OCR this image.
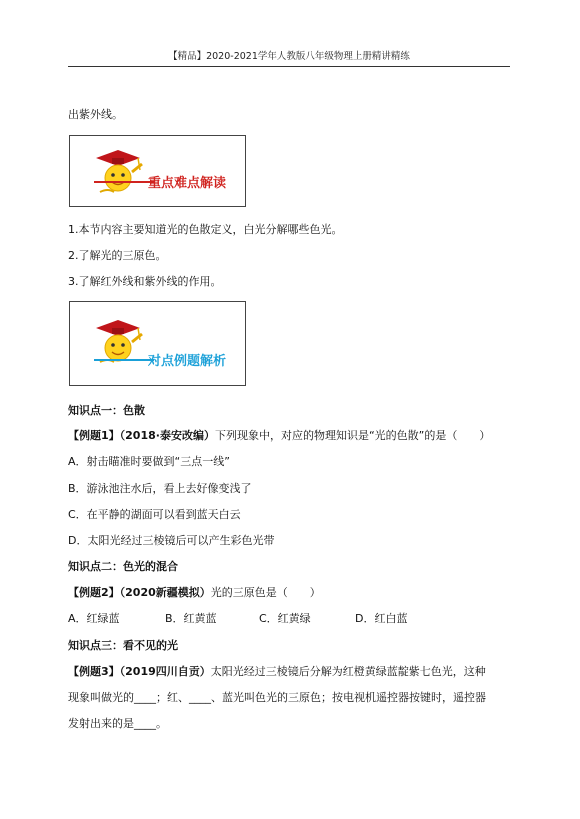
【精品】2020-2021学年人教版八年级物理上册精讲精练
出紫外线。
重点难点解读
1.本节内容主要知道光的色散定义，白光分解哪些色光。
2.了解光的三原色。
3.了解红外线和紫外线的作用。
对点例题解析
知识点一：色散
【例题1】（2018·泰安改编）下列现象中，对应的物理知识是“光的色散”的是（　　）
A．射击瞄准时要做到“三点一线”
B．游泳池注水后，看上去好像变浅了
C．在平静的湖面可以看到蓝天白云
D．太阳光经过三棱镜后可以产生彩色光带
知识点二：色光的混合
【例题2】（2020新疆模拟）光的三原色是（　　）
A．红绿蓝	B．红黄蓝	C．红黄绿	D．红白蓝
知识点三：看不见的光
【例题3】（2019四川自贡）太阳光经过三棱镜后分解为红橙黄绿蓝靛紫七色光，这种
现象叫做光的____；红、____、蓝光叫色光的三原色；按电视机遥控器按键时，遥控器
发射出来的是____。
